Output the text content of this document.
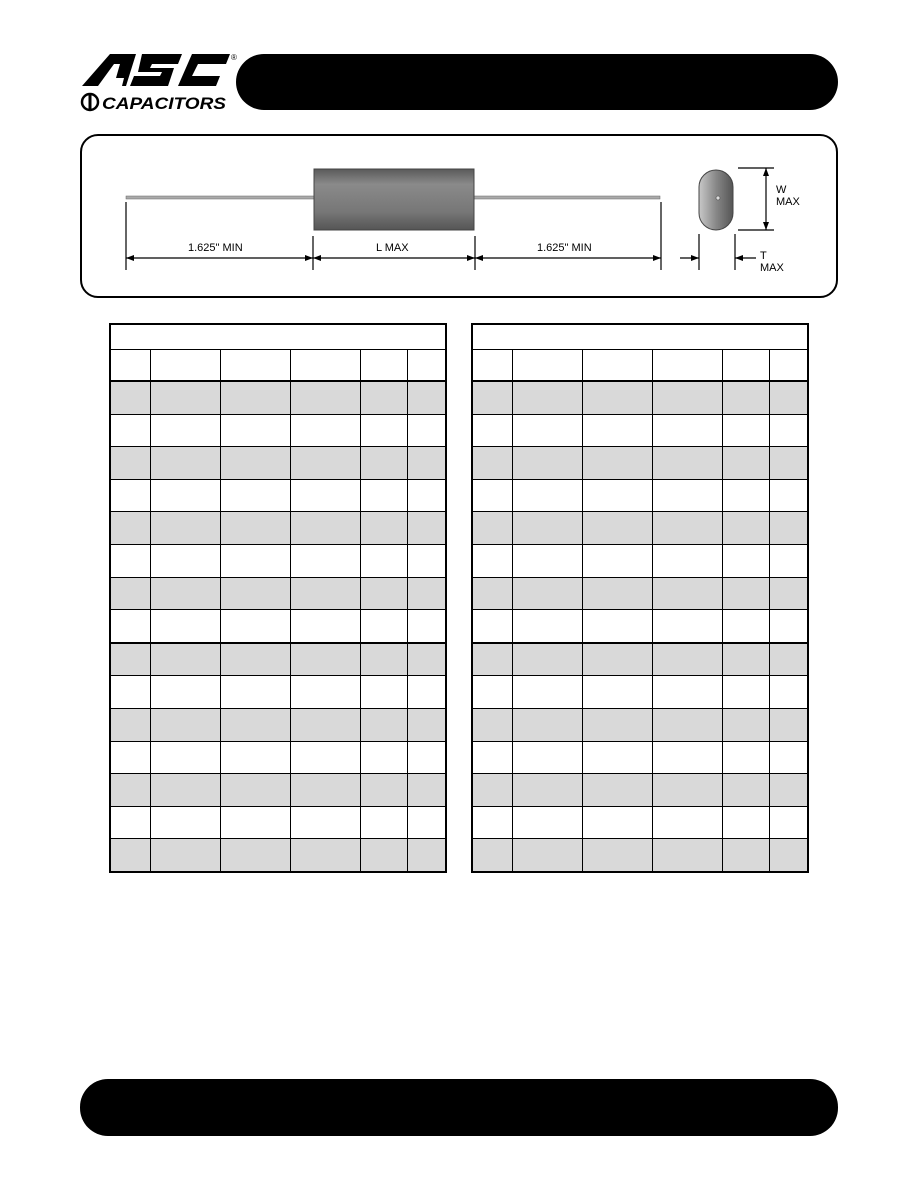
®
CAPACITORS
1.625" MIN	L MAX	1.625" MIN
W
MAX
T
MAX
